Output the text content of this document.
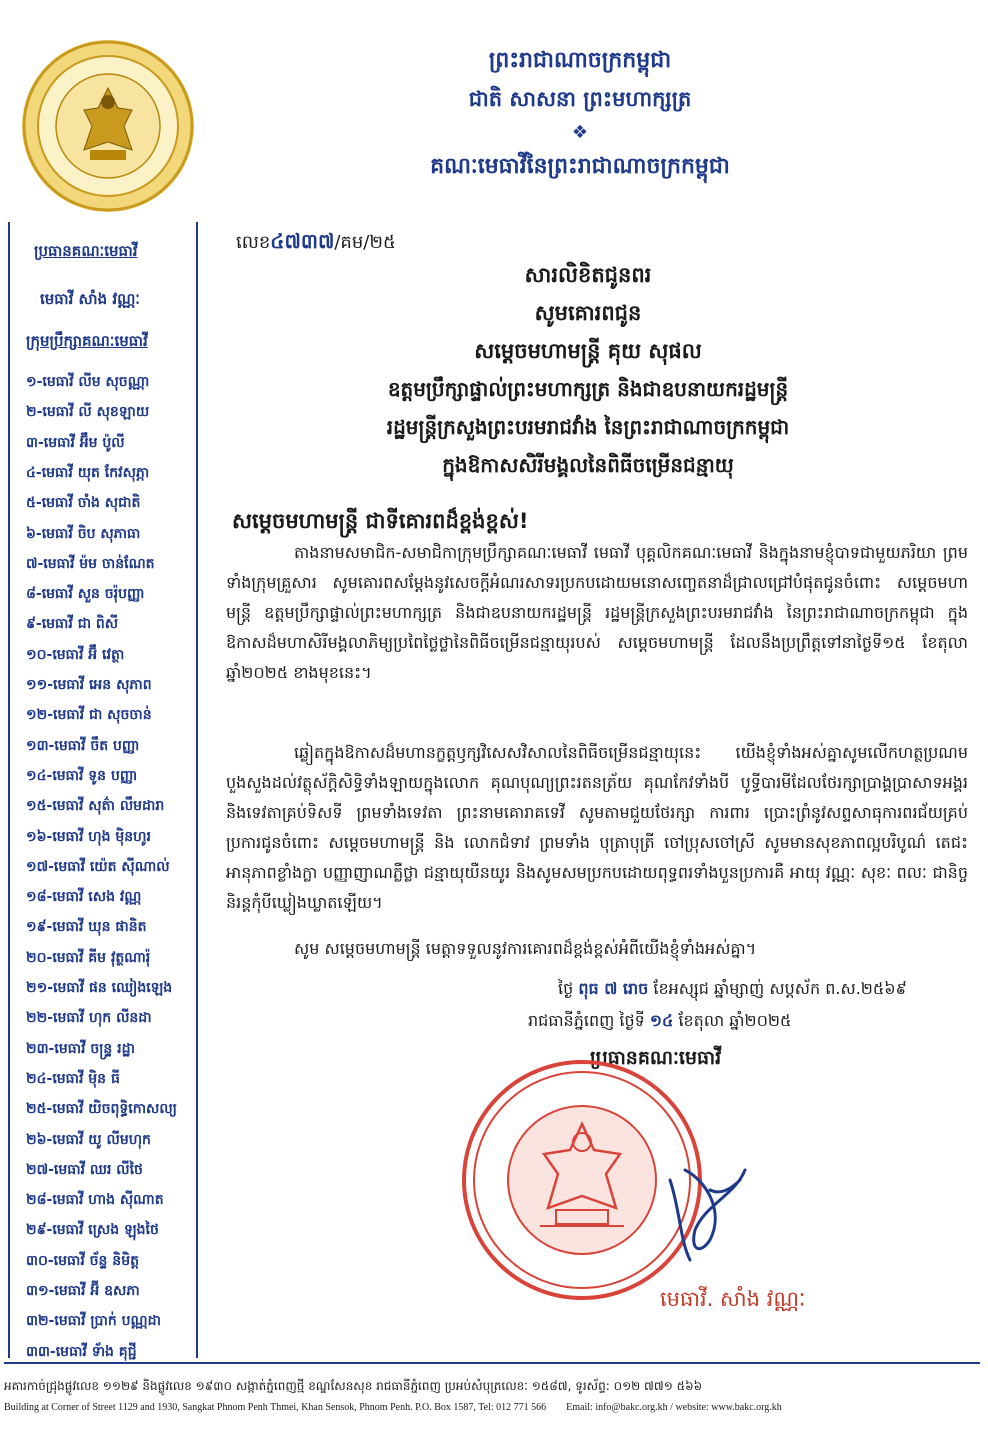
ព្រះរាជាណាចក្រកម្ពុជា
ជាតិ សាសនា ព្រះមហាក្សត្រ
❖
គណៈមេធាវីនៃព្រះរាជាណាចក្រកម្ពុជា
ប្រធានគណៈមេធាវី
មេធាវី សាំង វណ្ណៈ
ក្រុមប្រឹក្សាគណៈមេធាវី
១-មេធាវី លីម សុចណ្ណា
២-មេធាវី លី សុខឡាយ
៣-មេធាវី អ៊ឹម ប៉ូលី
៤-មេធាវី យុត កែវសុភ្ភា
៥-មេធាវី ចាំង សុជាតិ
៦-មេធាវី ចិប សុភាធា
៧-មេធាវី ម៉ម ចាន់ណែត
៨-មេធាវី សួន ចរ៉ុបញ្ញា
៩-មេធាវី ជា ពិសី
១០-មេធាវី អ៊ឹ វេត្ថា
១១-មេធាវី អេន សុភាព
១២-មេធាវី ជា សុចចាន់
១៣-មេធាវី ចឹត បញ្ញា
១៤-មេធាវី ទូន បញ្ញា
១៥-មេធាវី សុត៌ា លឹមដារា
១៦-មេធាវី ហុង ម៉ិនហូរ
១៧-មេធាវី យ៉េត ស៊ីណាល់
១៨-មេធាវី សេង វណ្ណ
១៩-មេធាវី ឃុន ផានិត
២០-មេធាវី គីម វុត្ថណារ៉ុ
២១-មេធាវី ផន ឈៀងឡេង
២២-មេធាវី ហុក លីនដា
២៣-មេធាវី ចន្ទ្រ រដ្ឋា
២៤-មេធាវី ម៉ិន ធី
២៥-មេធាវី យិចពុទ្ធិកោសល្យ
២៦-មេធាវី យូ លីមហុក
២៧-មេធាវី ឈរ លីថៃ
២៨-មេធាវី ហាង ស៊ីណាត
២៩-មេធាវី ស្រេង ឡុងថៃ
៣០-មេធាវី ច័ន្ទ និមិត្ត
៣១-មេធាវី អ៊ី ឧសភា
៣២-មេធាវី ប្រាក់ បណ្ណដា
៣៣-មេធាវី ទ័ាង គុជ្ជី
លេខ៤៧៣៧/គម/២៥
សារលិខិតជូនពរ
សូមគោរពជូន
សម្ដេចមហាមន្ត្រី គុយ សុផល
ឧត្តមប្រឹក្សាផ្ទាល់ព្រះមហាក្សត្រ និងជាឧបនាយករដ្ឋមន្ត្រី
រដ្ឋមន្ត្រីក្រសួងព្រះបរមរាជវាំង នៃព្រះរាជាណាចក្រកម្ពុជា
ក្នុងឱកាសសិរីមង្គលនៃពិធីចម្រើនជន្មាយុ
សម្ដេចមហាមន្ត្រី ជាទីគោរពដ៏ខ្ពង់ខ្ពស់!
តាងនាមសមាជិក-សមាជិកាក្រុមប្រឹក្សាគណៈមេធាវី មេធាវី បុគ្គលិកគណៈមេធាវី និងក្នុងនាមខ្ញុំបាទជាមួយភរិយា ព្រមទាំងក្រុមគ្រួសារ សូមគោរពសម្ដែងនូវសេចក្ដីអំណរសាទរប្រកបដោយមនោសញ្ចេតនាដ៏ជ្រាលជ្រៅបំផុតជូនចំពោះ សម្ដេចមហាមន្ត្រី ឧត្តមប្រឹក្សាផ្ទាល់ព្រះមហាក្សត្រ និងជាឧបនាយករដ្ឋមន្ត្រី រដ្ឋមន្ត្រីក្រសួងព្រះបរមរាជវាំង នៃព្រះរាជាណាចក្រកម្ពុជា ក្នុងឱកាសដ៏មហាសិរីមង្គលាភិម្យប្រពៃថ្លៃថ្លានៃពិធីចម្រើនជន្មាយុរបស់ សម្ដេចមហាមន្ត្រី ដែលនឹងប្រព្រឹត្តទៅនាថ្ងៃទី១៥ ខែតុលា ឆ្នាំ២០២៥ ខាងមុខនេះ។
ឆ្លៀតក្នុងឱកាសដ៏មហានក្ខត្តឫក្សវិសេសវិសាលនៃពិធីចម្រើនជន្មាយុនេះ យើងខ្ញុំទាំងអស់គ្នាសូមលើកហត្ថប្រណមបួងសួងដល់វត្ថុស័ក្ដិសិទ្ធិទាំងឡាយក្នុងលោក គុណបុណ្យព្រះរតនត្រ័យ គុណកែវទាំងបី បូទ្ធីបារមីដែលថែរក្សាប្រាង្គប្រាសាទអង្គរ និងទេវតាគ្រប់ទិសទី ព្រមទាំងទេវតា ព្រះនាមគោរាគទេវី សូមតាមជួយថែរក្សា ការពារ ប្រោះព្រំនូវសព្ទសាធុការពរជ័យគ្រប់ប្រការជូនចំពោះ សម្ដេចមហាមន្ត្រី និង លោកជំទាវ ព្រមទាំង បុត្រាបុត្រី ចៅប្រុសចៅស្រី សូមមានសុខភាពល្អបរិបូណ៌ តេជះអានុភាពខ្លាំងក្លា បញ្ញាញាណភ្លឺថ្លា ជន្មាយុយឺនយូរ និងសូមសមប្រកបដោយពុទ្ធពរទាំងបួនប្រការគឺ អាយុ វណ្ណៈ សុខៈ ពលៈ ជានិច្ចនិរន្តកុំបីឃ្លៀងឃ្លាតឡើយ។
សូម សម្ដេចមហាមន្ត្រី មេត្តាទទួលនូវការគោរពដ៏ខ្ពង់ខ្ពស់អំពីយើងខ្ញុំទាំងអស់គ្នា។
ថ្ងៃ ពុធ ៧ រោច ខែអស្សុជ ឆ្នាំម្សាញ់ សប្ដស័ក ព.ស.២៥៦៩
រាជធានីភ្នំពេញ ថ្ងៃទី ១៤ ខែតុលា ឆ្នាំ២០២៥
ប្រធានគណៈមេធាវី
មេធាវី. សាំង វណ្ណៈ
អគារកាច់ជ្រុងផ្លូវលេខ ១១២៩ និងផ្លូវលេខ ១៩៣០ សង្កាត់ភ្នំពេញថ្មី ខណ្ឌសែនសុខ រាជធានីភ្នំពេញ ប្រអប់សំបុត្រលេខៈ ១៥៨៧, ទូរស័ព្ទ: ០១២ ៧៧១ ៥៦៦
Building at Corner of Street 1129 and 1930, Sangkat Phnom Penh Thmei, Khan Sensok, Phnom Penh. P.O. Box 1587, Tel: 012 771 566 Email: info@bakc.org.kh / website: www.bakc.org.kh
